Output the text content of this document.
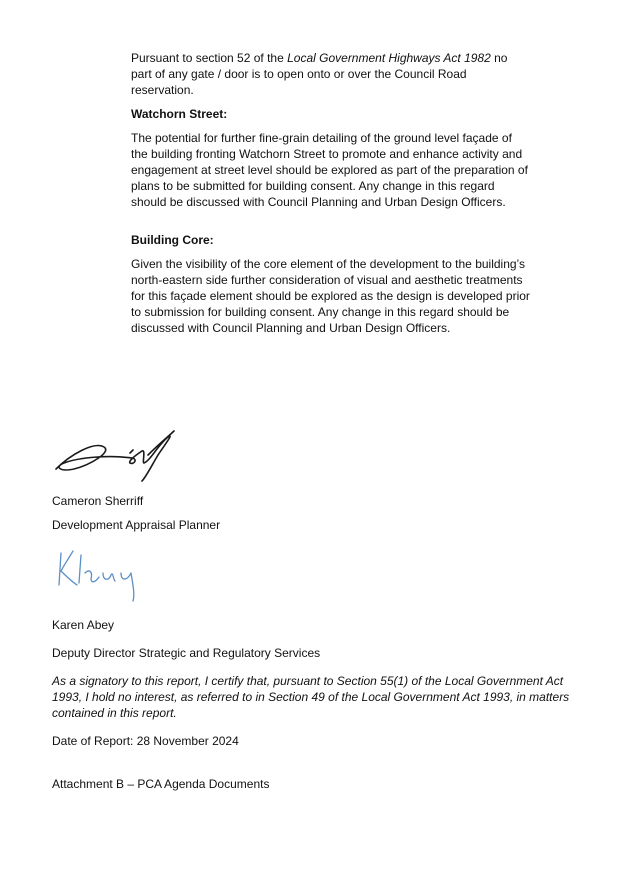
Pursuant to section 52 of the Local Government Highways Act 1982 no part of any gate / door is to open onto or over the Council Road reservation.

Watchorn Street:

The potential for further fine-grain detailing of the ground level façade of the building fronting Watchorn Street to promote and enhance activity and engagement at street level should be explored as part of the preparation of plans to be submitted for building consent. Any change in this regard should be discussed with Council Planning and Urban Design Officers.

Building Core:

Given the visibility of the core element of the development to the building’s north-eastern side further consideration of visual and aesthetic treatments for this façade element should be explored as the design is developed prior to submission for building consent. Any change in this regard should be discussed with Council Planning and Urban Design Officers.

Cameron Sherriff

Development Appraisal Planner

Karen Abey

Deputy Director Strategic and Regulatory Services

As a signatory to this report, I certify that, pursuant to Section 55(1) of the Local Government Act 1993, I hold no interest, as referred to in Section 49 of the Local Government Act 1993, in matters contained in this report.

Date of Report: 28 November 2024

Attachment B – PCA Agenda Documents
